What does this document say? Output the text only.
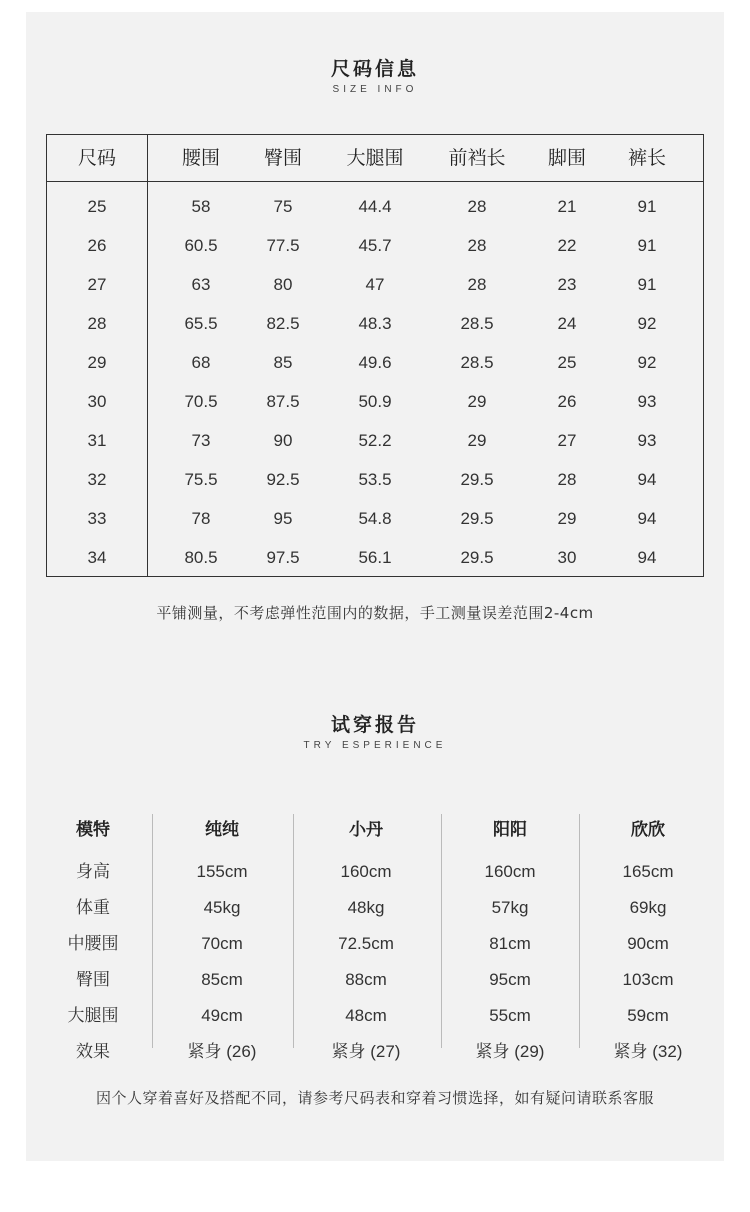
尺码信息
SIZE INFO
尺码	腰围	臀围	大腿围	前裆长	脚围	裤长
25	58	75	44.4	28	21	91
26	60.5	77.5	45.7	28	22	91
27	63	80	47	28	23	91
28	65.5	82.5	48.3	28.5	24	92
29	68	85	49.6	28.5	25	92
30	70.5	87.5	50.9	29	26	93
31	73	90	52.2	29	27	93
32	75.5	92.5	53.5	29.5	28	94
33	78	95	54.8	29.5	29	94
34	80.5	97.5	56.1	29.5	30	94
平铺测量，不考虑弹性范围内的数据，手工测量误差范围2-4cm
试穿报告
TRY ESPERIENCE
模特	纯纯	小丹	阳阳	欣欣
身高	155cm	160cm	160cm	165cm
体重	45kg	48kg	57kg	69kg
中腰围	70cm	72.5cm	81cm	90cm
臀围	85cm	88cm	95cm	103cm
大腿围	49cm	48cm	55cm	59cm
效果	紧身 (26)	紧身 (27)	紧身 (29)	紧身 (32)
因个人穿着喜好及搭配不同，请参考尺码表和穿着习惯选择，如有疑问请联系客服
